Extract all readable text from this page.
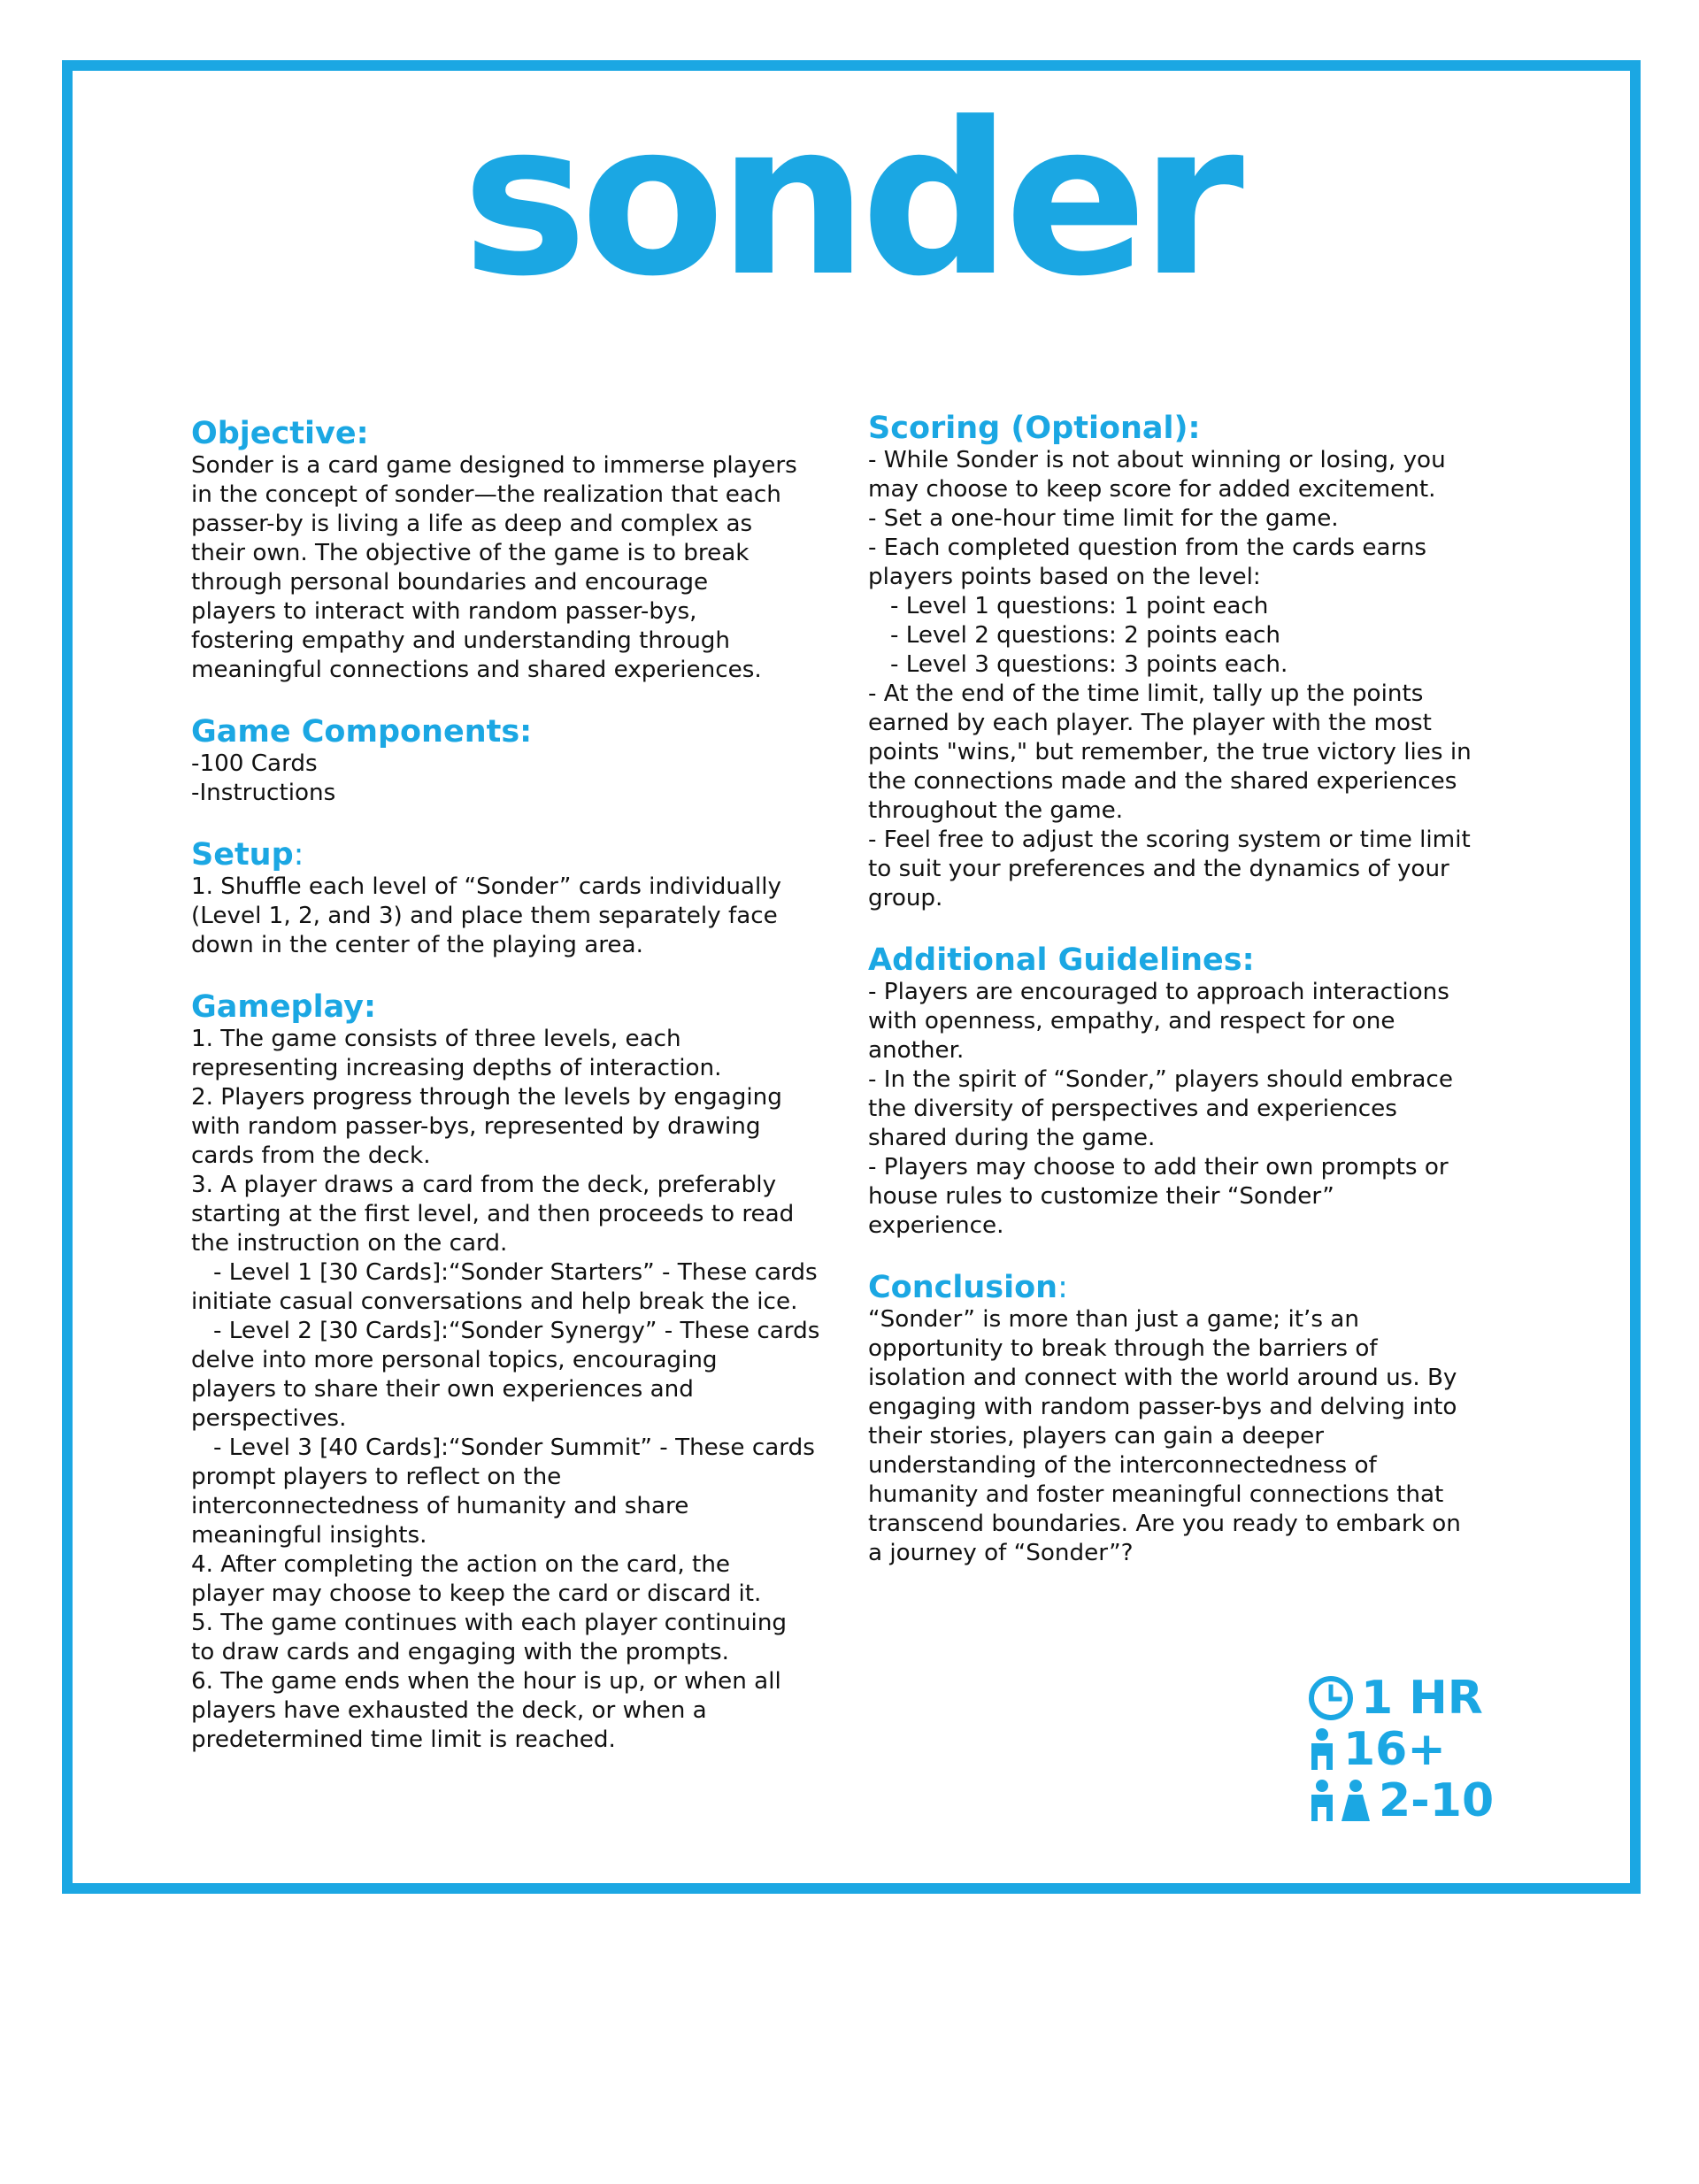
sonder
Objective:
Sonder is a card game designed to immerse players
in the concept of sonder—the realization that each
passer-by is living a life as deep and complex as
their own. The objective of the game is to break
through personal boundaries and encourage
players to interact with random passer-bys,
fostering empathy and understanding through
meaningful connections and shared experiences.
Game Components:
-100 Cards
-Instructions
Setup:
1. Shuffle each level of “Sonder” cards individually
(Level 1, 2, and 3) and place them separately face
down in the center of the playing area.
Gameplay:
1. The game consists of three levels, each
representing increasing depths of interaction.
2. Players progress through the levels by engaging
with random passer-bys, represented by drawing
cards from the deck.
3. A player draws a card from the deck, preferably
starting at the first level, and then proceeds to read
the instruction on the card.
- Level 1 [30 Cards]:“Sonder Starters” - These cards
initiate casual conversations and help break the ice.
- Level 2 [30 Cards]:“Sonder Synergy” - These cards
delve into more personal topics, encouraging
players to share their own experiences and
perspectives.
- Level 3 [40 Cards]:“Sonder Summit” - These cards
prompt players to reflect on the
interconnectedness of humanity and share
meaningful insights.
4. After completing the action on the card, the
player may choose to keep the card or discard it.
5. The game continues with each player continuing
to draw cards and engaging with the prompts.
6. The game ends when the hour is up, or when all
players have exhausted the deck, or when a
predetermined time limit is reached.
Scoring (Optional):
- While Sonder is not about winning or losing, you
may choose to keep score for added excitement.
- Set a one-hour time limit for the game.
- Each completed question from the cards earns
players points based on the level:
- Level 1 questions: 1 point each
- Level 2 questions: 2 points each
- Level 3 questions: 3 points each.
- At the end of the time limit, tally up the points
earned by each player. The player with the most
points "wins," but remember, the true victory lies in
the connections made and the shared experiences
throughout the game.
- Feel free to adjust the scoring system or time limit
to suit your preferences and the dynamics of your
group.
Additional Guidelines:
- Players are encouraged to approach interactions
with openness, empathy, and respect for one
another.
- In the spirit of “Sonder,” players should embrace
the diversity of perspectives and experiences
shared during the game.
- Players may choose to add their own prompts or
house rules to customize their “Sonder”
experience.
Conclusion:
“Sonder” is more than just a game; it’s an
opportunity to break through the barriers of
isolation and connect with the world around us. By
engaging with random passer-bys and delving into
their stories, players can gain a deeper
understanding of the interconnectedness of
humanity and foster meaningful connections that
transcend boundaries. Are you ready to embark on
a journey of “Sonder”?
1 HR
16+
2-10
